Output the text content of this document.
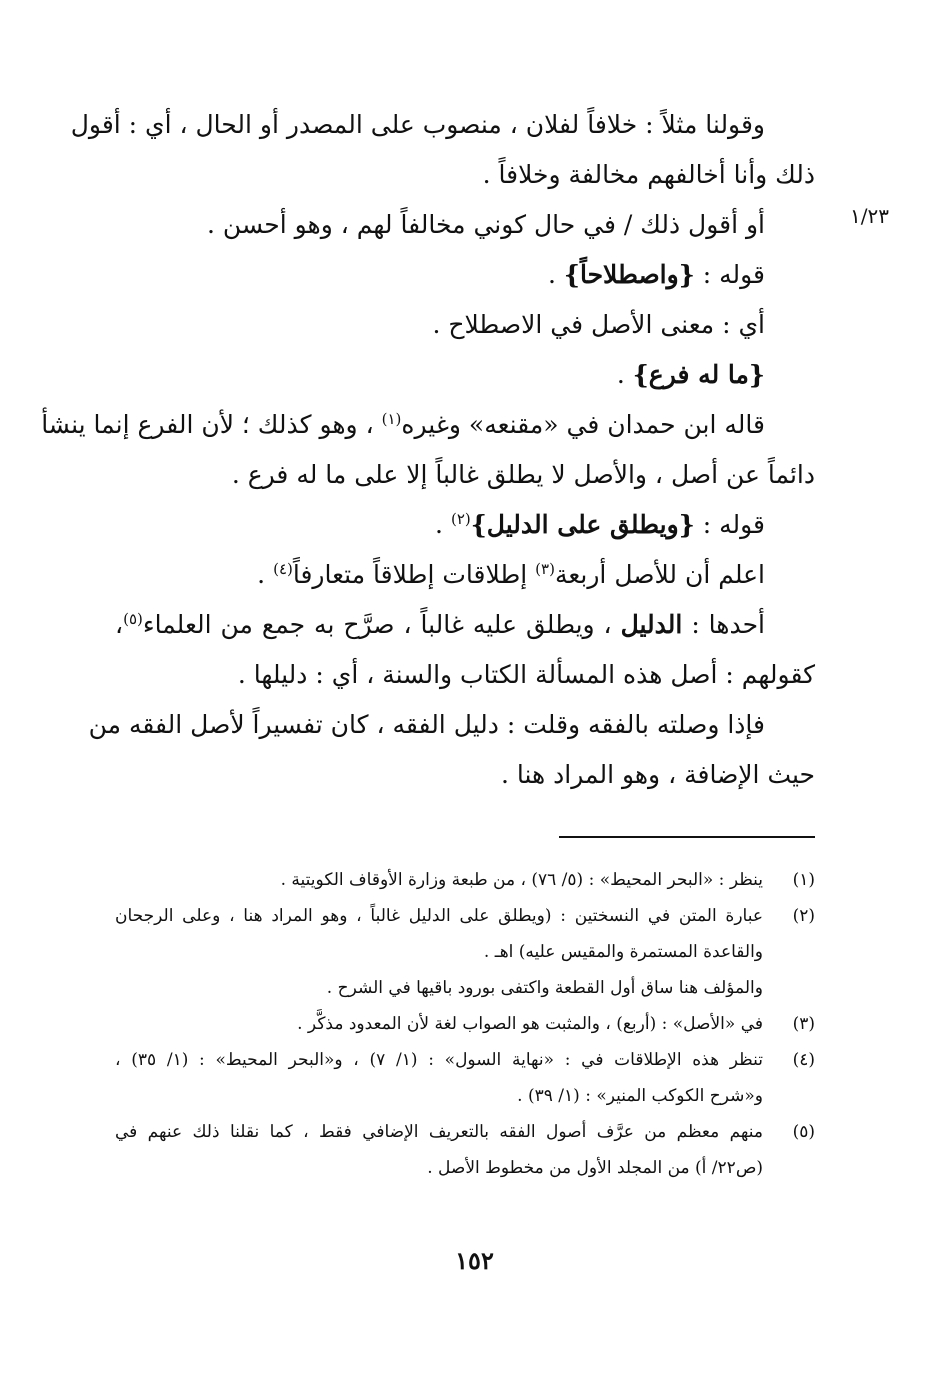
١/٢٣
وقولنا مثلاً : خلافاً لفلان ، منصوب على المصدر أو الحال ، أي : أقول
ذلك وأنا أخالفهم مخالفة وخلافاً .
أو أقول ذلك / في حال كوني مخالفاً لهم ، وهو أحسن .
قوله : {واصطلاحاً} .
أي : معنى الأصل في الاصطلاح .
{ما له فرع} .
قاله ابن حمدان في «مقنعه» وغيره$^{(١)}$ ، وهو كذلك ؛ لأن الفرع إنما ينشأ
دائماً عن أصل ، والأصل لا يطلق غالباً إلا على ما له فرع .
قوله : {ويطلق على الدليل}$^{(٢)}$ .
اعلم أن للأصل أربعة$^{(٣)}$ إطلاقات إطلاقاً متعارفاً$^{(٤)}$ .
أحدها : الدليل ، ويطلق عليه غالباً ، صرَّح به جمع من العلماء$^{(٥)}$،
كقولهم : أصل هذه المسألة الكتاب والسنة ، أي : دليلها .
فإذا وصلته بالفقه وقلت : دليل الفقه ، كان تفسيراً لأصل الفقه من
حيث الإضافة ، وهو المراد هنا .
(١)
ينظر : «البحر المحيط» : (٥/ ٧٦) ، من طبعة وزارة الأوقاف الكويتية .
(٢)
عبارة المتن في النسختين : (ويطلق على الدليل غالباً ، وهو المراد هنا ، وعلى الرجحان
والقاعدة المستمرة والمقيس عليه) اهـ .
والمؤلف هنا ساق أول القطعة واكتفى بورود باقيها في الشرح .
(٣)
في «الأصل» : (أربع) ، والمثبت هو الصواب لغة لأن المعدود مذكَّر .
(٤)
تنظر هذه الإطلاقات في : «نهاية السول» : (١/ ٧) ، و«البحر المحيط» : (١/ ٣٥) ،
و«شرح الكوكب المنير» : (١/ ٣٩) .
(٥)
منهم معظم من عرَّف أصول الفقه بالتعريف الإضافي فقط ، كما نقلنا ذلك عنهم في
(ص٢٢/ أ) من المجلد الأول من مخطوط الأصل .
١٥٢
